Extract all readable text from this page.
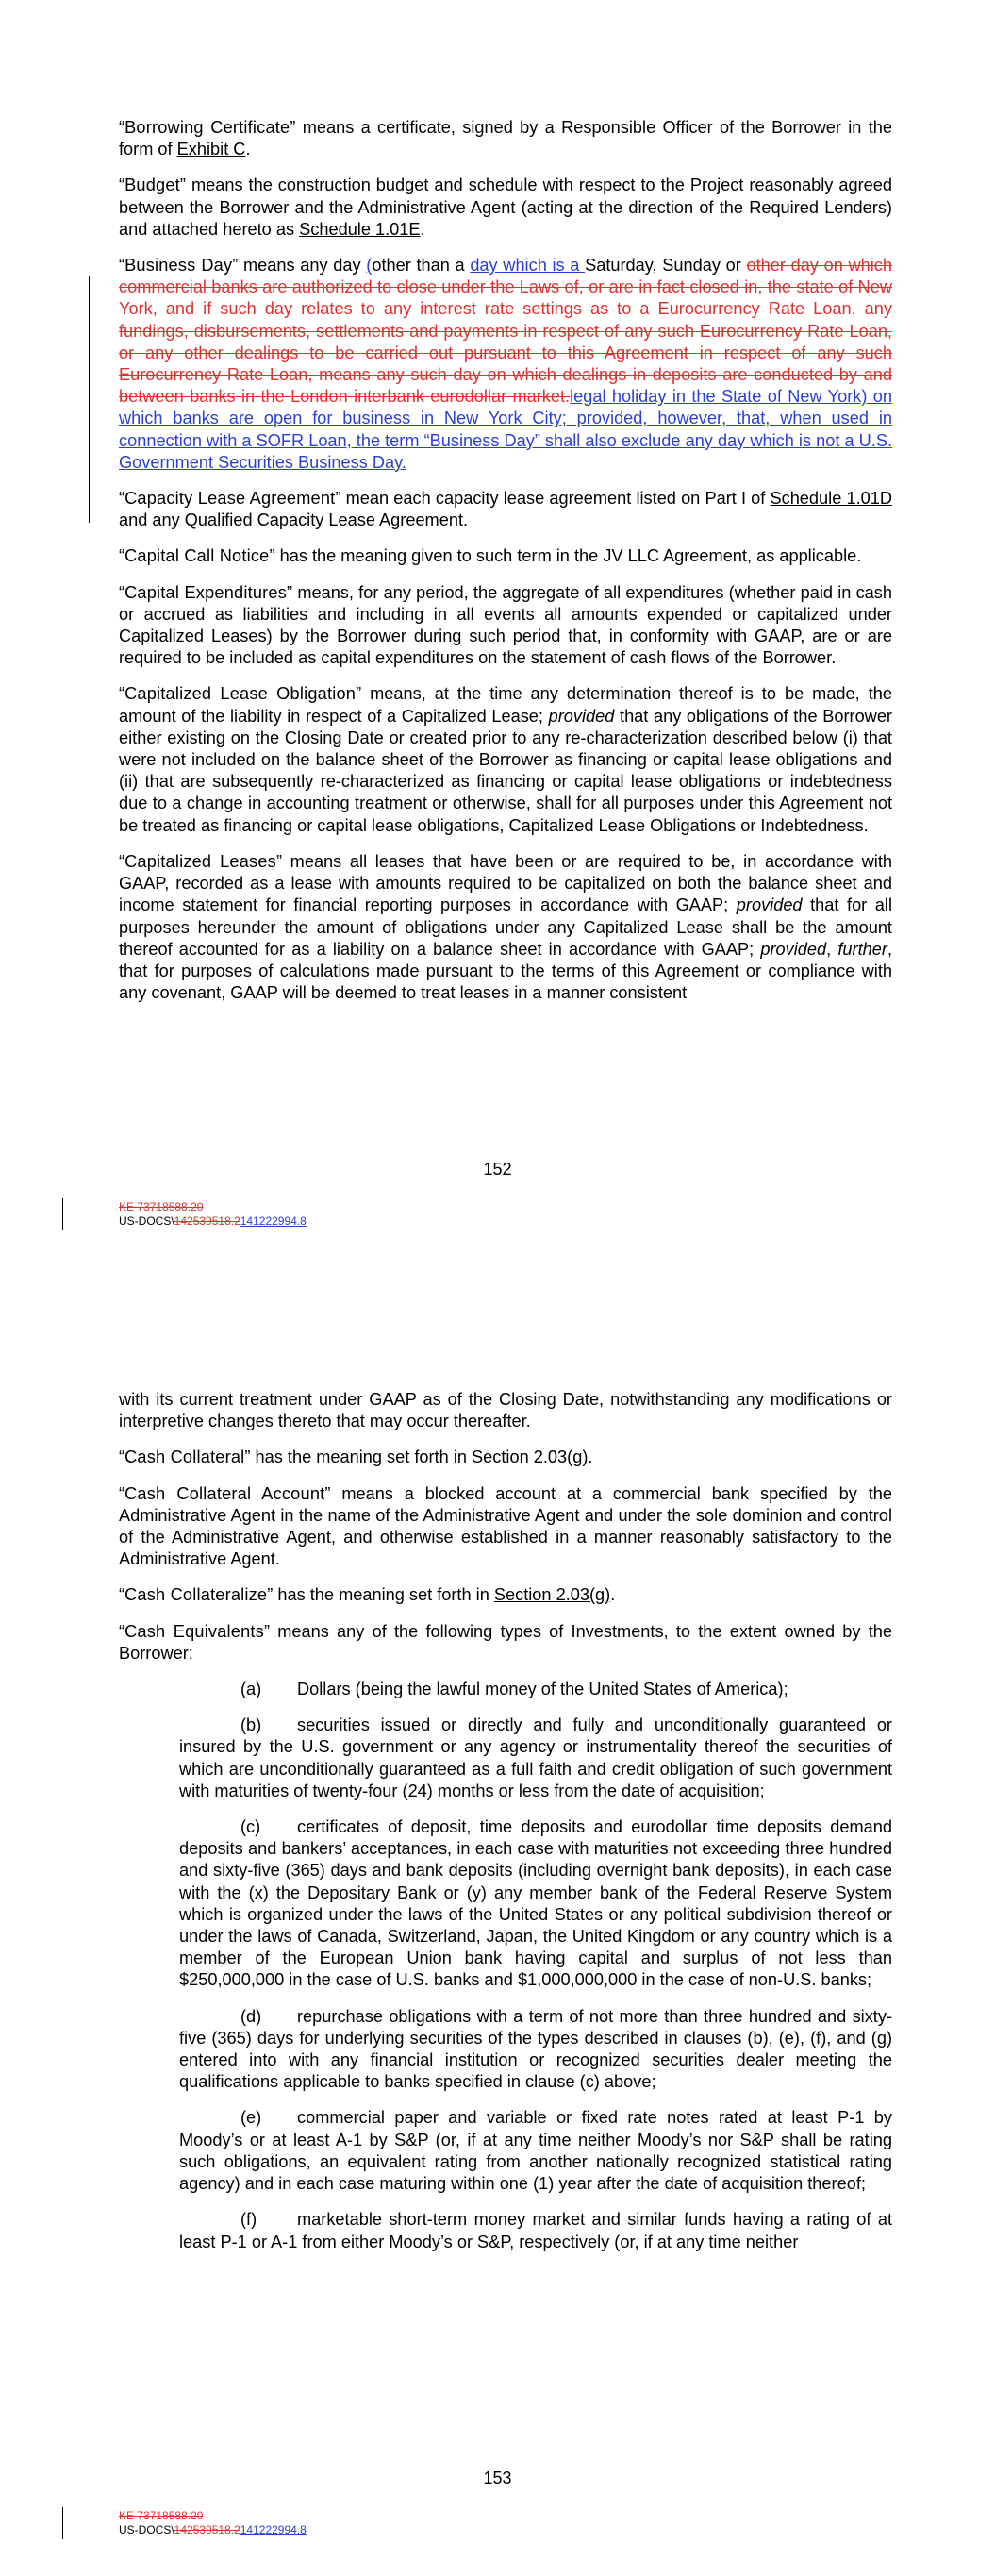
“Borrowing Certificate” means a certificate, signed by a Responsible Officer of the Borrower in the form of Exhibit C.

“Budget” means the construction budget and schedule with respect to the Project reasonably agreed between the Borrower and the Administrative Agent (acting at the direction of the Required Lenders) and attached hereto as Schedule 1.01E.

“Business Day” means any day (other than a day which is a Saturday, Sunday or other day on which commercial banks are authorized to close under the Laws of, or are in fact closed in, the state of New York, and if such day relates to any interest rate settings as to a Eurocurrency Rate Loan, any fundings, disbursements, settlements and payments in respect of any such Eurocurrency Rate Loan, or any other dealings to be carried out pursuant to this Agreement in respect of any such Eurocurrency Rate Loan, means any such day on which dealings in deposits are conducted by and between banks in the London interbank eurodollar market.legal holiday in the State of New York) on which banks are open for business in New York City; provided, however, that, when used in connection with a SOFR Loan, the term “Business Day” shall also exclude any day which is not a U.S. Government Securities Business Day.

“Capacity Lease Agreement” mean each capacity lease agreement listed on Part I of Schedule 1.01D and any Qualified Capacity Lease Agreement.

“Capital Call Notice” has the meaning given to such term in the JV LLC Agreement, as applicable.

“Capital Expenditures” means, for any period, the aggregate of all expenditures (whether paid in cash or accrued as liabilities and including in all events all amounts expended or capitalized under Capitalized Leases) by the Borrower during such period that, in conformity with GAAP, are or are required to be included as capital expenditures on the statement of cash flows of the Borrower.

“Capitalized Lease Obligation” means, at the time any determination thereof is to be made, the amount of the liability in respect of a Capitalized Lease; provided that any obligations of the Borrower either existing on the Closing Date or created prior to any re-characterization described below (i) that were not included on the balance sheet of the Borrower as financing or capital lease obligations and (ii) that are subsequently re-characterized as financing or capital lease obligations or indebtedness due to a change in accounting treatment or otherwise, shall for all purposes under this Agreement not be treated as financing or capital lease obligations, Capitalized Lease Obligations or Indebtedness.

“Capitalized Leases” means all leases that have been or are required to be, in accordance with GAAP, recorded as a lease with amounts required to be capitalized on both the balance sheet and income statement for financial reporting purposes in accordance with GAAP; provided that for all purposes hereunder the amount of obligations under any Capitalized Lease shall be the amount thereof accounted for as a liability on a balance sheet in accordance with GAAP; provided, further, that for purposes of calculations made pursuant to the terms of this Agreement or compliance with any covenant, GAAP will be deemed to treat leases in a manner consistent

152
KE 73718588.20
US-DOCS\142539518.2141222994.8

with its current treatment under GAAP as of the Closing Date, notwithstanding any modifications or interpretive changes thereto that may occur thereafter.

“Cash Collateral” has the meaning set forth in Section 2.03(g).

“Cash Collateral Account” means a blocked account at a commercial bank specified by the Administrative Agent in the name of the Administrative Agent and under the sole dominion and control of the Administrative Agent, and otherwise established in a manner reasonably satisfactory to the Administrative Agent.

“Cash Collateralize” has the meaning set forth in Section 2.03(g).

“Cash Equivalents” means any of the following types of Investments, to the extent owned by the Borrower:

(a) Dollars (being the lawful money of the United States of America);

(b) securities issued or directly and fully and unconditionally guaranteed or insured by the U.S. government or any agency or instrumentality thereof the securities of which are unconditionally guaranteed as a full faith and credit obligation of such government with maturities of twenty-four (24) months or less from the date of acquisition;

(c) certificates of deposit, time deposits and eurodollar time deposits demand deposits and bankers’ acceptances, in each case with maturities not exceeding three hundred and sixty-five (365) days and bank deposits (including overnight bank deposits), in each case with the (x) the Depositary Bank or (y) any member bank of the Federal Reserve System which is organized under the laws of the United States or any political subdivision thereof or under the laws of Canada, Switzerland, Japan, the United Kingdom or any country which is a member of the European Union bank having capital and surplus of not less than $250,000,000 in the case of U.S. banks and $1,000,000,000 in the case of non-U.S. banks;

(d) repurchase obligations with a term of not more than three hundred and sixty-five (365) days for underlying securities of the types described in clauses (b), (e), (f), and (g) entered into with any financial institution or recognized securities dealer meeting the qualifications applicable to banks specified in clause (c) above;

(e) commercial paper and variable or fixed rate notes rated at least P-1 by Moody’s or at least A-1 by S&P (or, if at any time neither Moody’s nor S&P shall be rating such obligations, an equivalent rating from another nationally recognized statistical rating agency) and in each case maturing within one (1) year after the date of acquisition thereof;

(f) marketable short-term money market and similar funds having a rating of at least P-1 or A-1 from either Moody’s or S&P, respectively (or, if at any time neither

153
KE 73718588.20
US-DOCS\142539518.2141222994.8
